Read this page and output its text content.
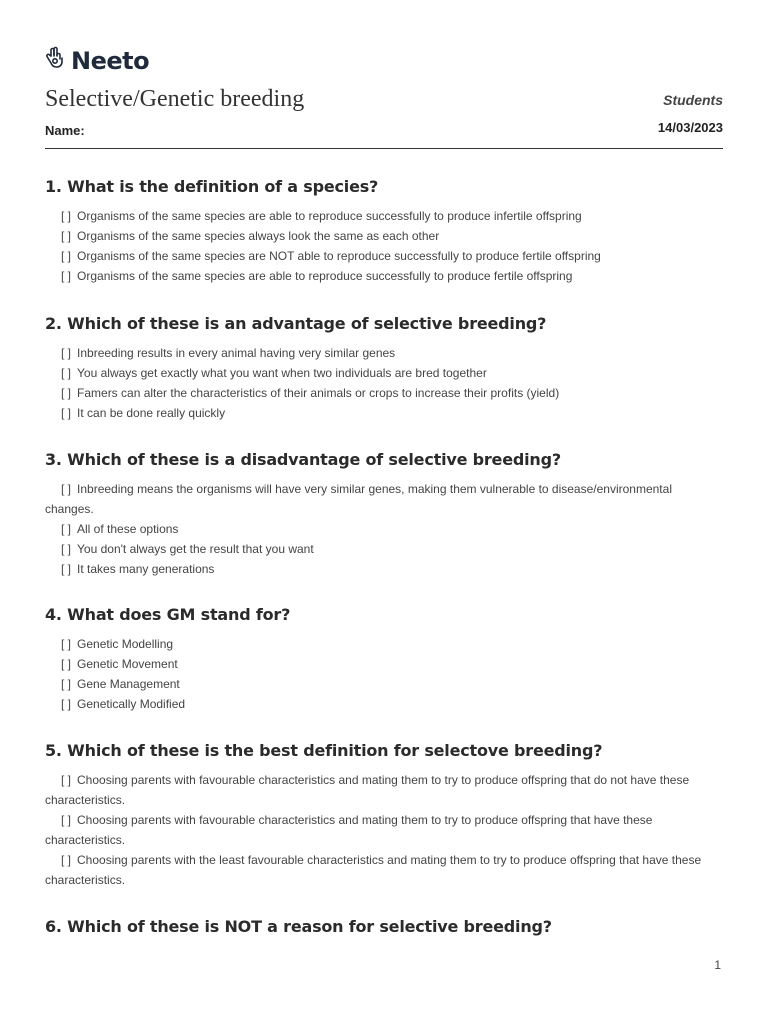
Neeto
Selective/Genetic breeding	Students
Name:	14/03/2023
1. What is the definition of a species?
[ ] Organisms of the same species are able to reproduce successfully to produce infertile offspring
[ ] Organisms of the same species always look the same as each other
[ ] Organisms of the same species are NOT able to reproduce successfully to produce fertile offspring
[ ] Organisms of the same species are able to reproduce successfully to produce fertile offspring
2. Which of these is an advantage of selective breeding?
[ ] Inbreeding results in every animal having very similar genes
[ ] You always get exactly what you want when two individuals are bred together
[ ] Famers can alter the characteristics of their animals or crops to increase their profits (yield)
[ ] It can be done really quickly
3. Which of these is a disadvantage of selective breeding?
[ ] Inbreeding means the organisms will have very similar genes, making them vulnerable to disease/environmental changes.
[ ] All of these options
[ ] You don't always get the result that you want
[ ] It takes many generations
4. What does GM stand for?
[ ] Genetic Modelling
[ ] Genetic Movement
[ ] Gene Management
[ ] Genetically Modified
5. Which of these is the best definition for selectove breeding?
[ ] Choosing parents with favourable characteristics and mating them to try to produce offspring that do not have these characteristics.
[ ] Choosing parents with favourable characteristics and mating them to try to produce offspring that have these characteristics.
[ ] Choosing parents with the least favourable characteristics and mating them to try to produce offspring that have these characteristics.
6. Which of these is NOT a reason for selective breeding?
1
